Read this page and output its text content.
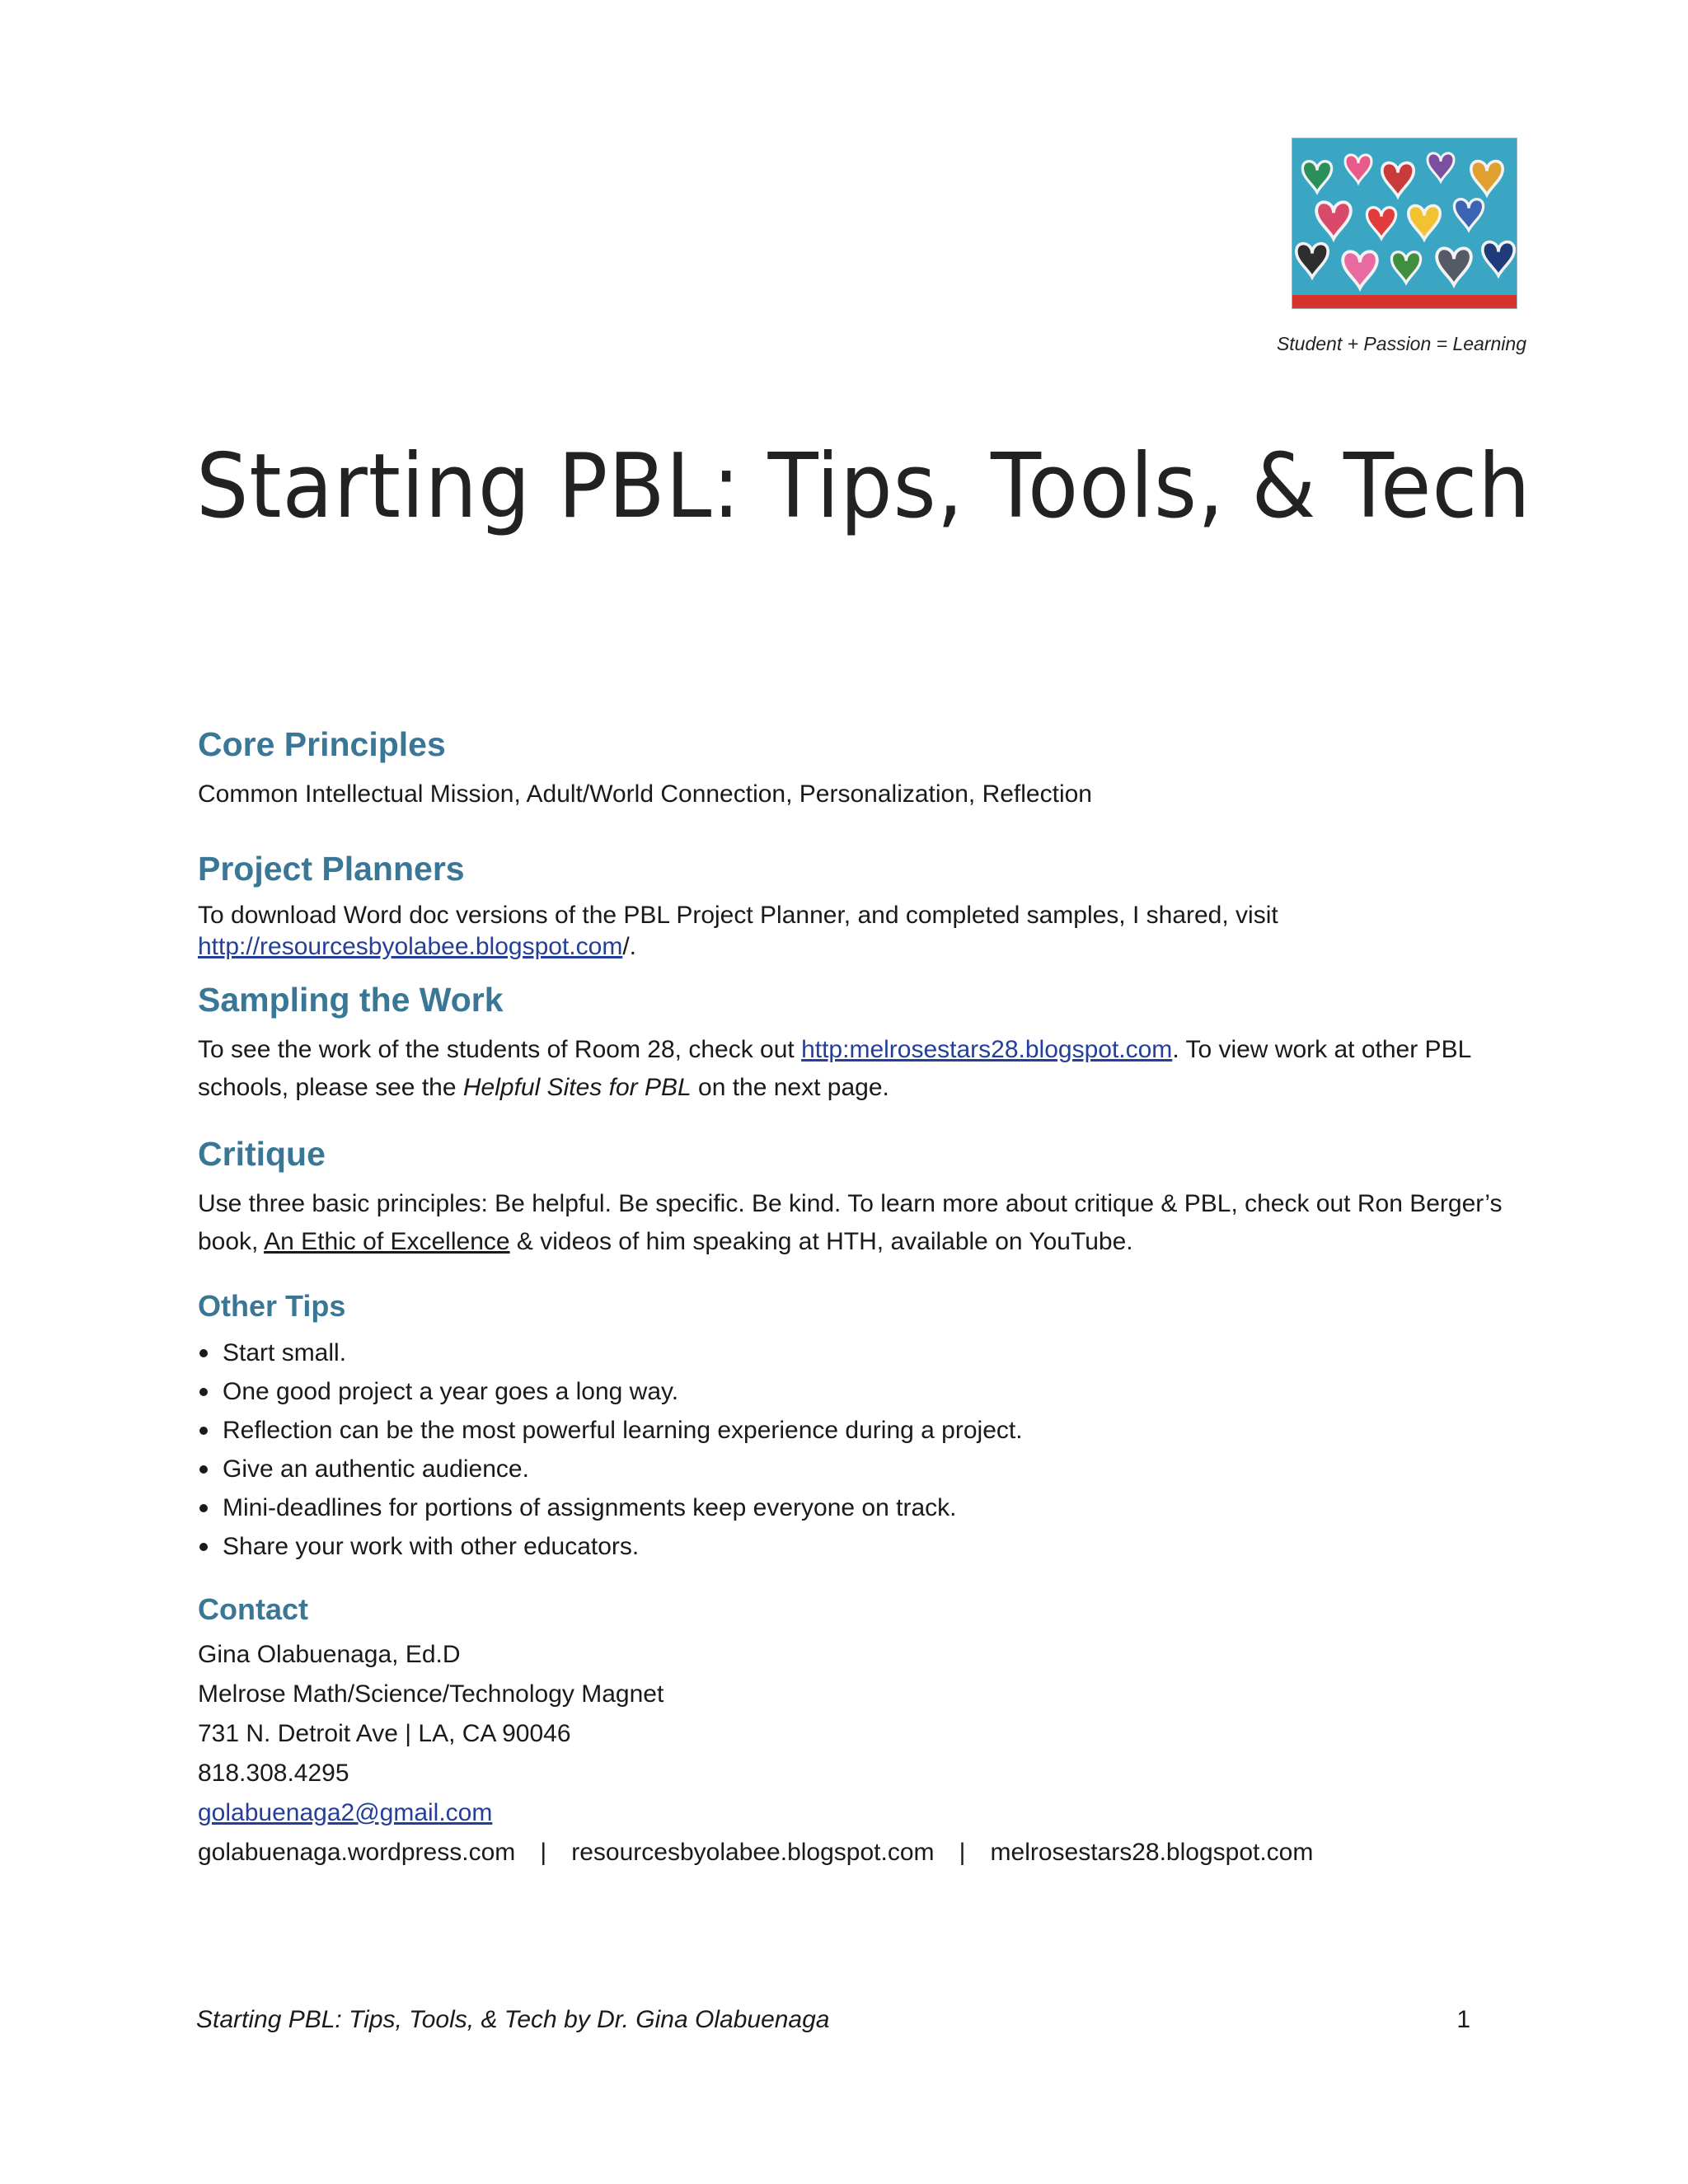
Student + Passion = Learning
Starting PBL: Tips, Tools, & Tech
Core Principles

Common Intellectual Mission, Adult/World Connection, Personalization, Reflection

Project Planners

To download Word doc versions of the PBL Project Planner, and completed samples, I shared, visit
http://resourcesbyolabee.blogspot.com/.

Sampling the Work

To see the work of the students of Room 28, check out http:melrosestars28.blogspot.com. To view work at other PBL schools, please see the Helpful Sites for PBL on the next page.

Critique

Use three basic principles: Be helpful. Be specific. Be kind. To learn more about critique & PBL, check out Ron Berger’s book, An Ethic of Excellence & videos of him speaking at HTH, available on YouTube.

Other Tips
Start small.
One good project a year goes a long way.
Reflection can be the most powerful learning experience during a project.
Give an authentic audience.
Mini-deadlines for portions of assignments keep everyone on track.
Share your work with other educators.
Contact
Gina Olabuenaga, Ed.D
Melrose Math/Science/Technology Magnet
731 N. Detroit Ave | LA, CA 90046
818.308.4295
golabuenaga2@gmail.com
golabuenaga.wordpress.com | resourcesbyolabee.blogspot.com | melrosestars28.blogspot.com
Starting PBL: Tips, Tools, & Tech by Dr. Gina Olabuenaga	1
